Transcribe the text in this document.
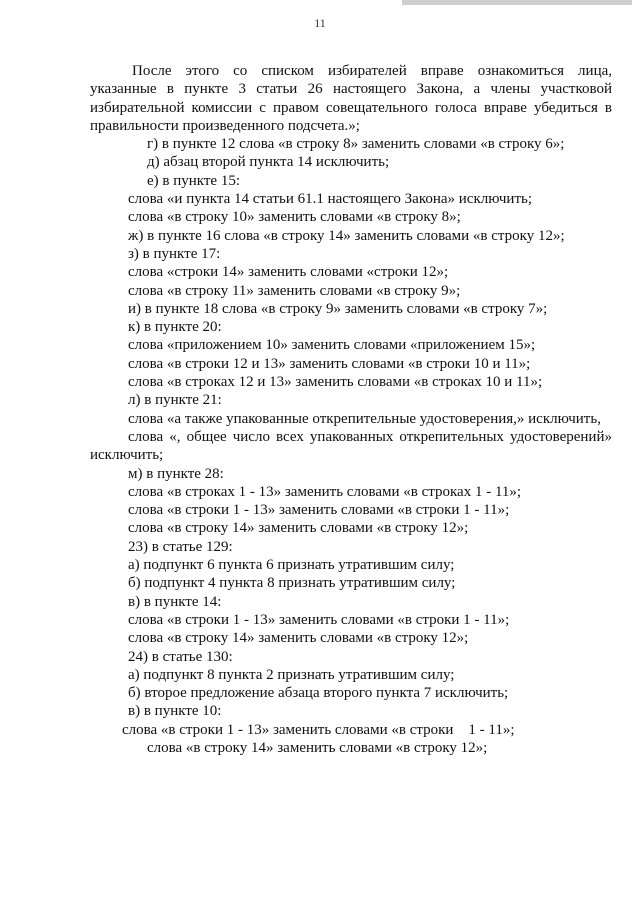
11
После этого со списком избирателей вправе ознакомиться лица,
указанные в пункте 3 статьи 26 настоящего Закона, а члены участковой
избирательной комиссии с правом совещательного голоса вправе убедиться в
правильности произведенного подсчета.»;
г) в пункте 12 слова «в строку 8» заменить словами «в строку 6»;
д) абзац второй пункта 14 исключить;
е) в пункте 15:
слова «и пункта 14 статьи 61.1 настоящего Закона» исключить;
слова «в строку 10» заменить словами «в строку 8»;
ж) в пункте 16 слова «в строку 14» заменить словами «в строку 12»;
з) в пункте 17:
слова «строки 14» заменить словами «строки 12»;
слова «в строку 11» заменить словами «в строку 9»;
и) в пункте 18 слова «в строку 9» заменить словами «в строку 7»;
к) в пункте 20:
слова «приложением 10» заменить словами «приложением 15»;
слова «в строки 12 и 13» заменить словами «в строки 10 и 11»;
слова «в строках 12 и 13» заменить словами «в строках 10 и 11»;
л) в пункте 21:
слова «а также упакованные открепительные удостоверения,» исключить,
слова «, общее число всех упакованных открепительных удостоверений»
исключить;
м) в пункте 28:
слова «в строках 1 - 13» заменить словами «в строках 1 - 11»;
слова «в строки 1 - 13» заменить словами «в строки 1 - 11»;
слова «в строку 14» заменить словами «в строку 12»;
23) в статье 129:
а) подпункт 6 пункта 6 признать утратившим силу;
б) подпункт 4 пункта 8 признать утратившим силу;
в) в пункте 14:
слова «в строки 1 - 13» заменить словами «в строки 1 - 11»;
слова «в строку 14» заменить словами «в строку 12»;
24) в статье 130:
а) подпункт 8 пункта 2 признать утратившим силу;
б) второе предложение абзаца второго пункта 7 исключить;
в) в пункте 10:
слова «в строки 1 - 13» заменить словами «в строки    1 - 11»;
слова «в строку 14» заменить словами «в строку 12»;
